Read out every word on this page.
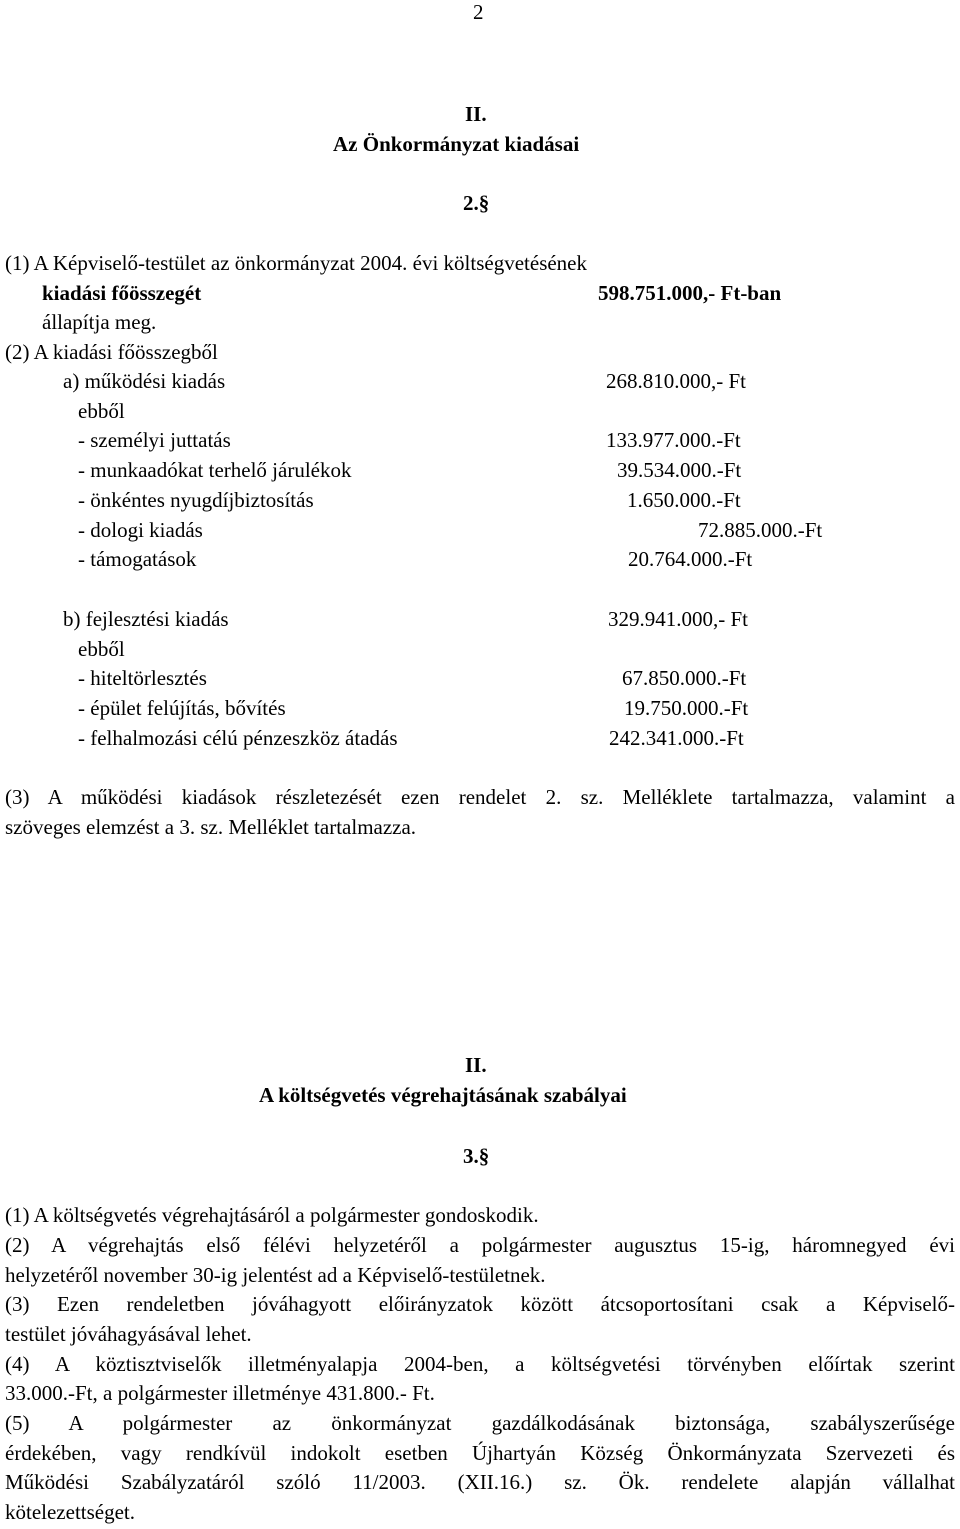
2
II.
Az Önkormányzat kiadásai
2.§
(1) A Képviselő-testület az önkormányzat 2004. évi költségvetésének
kiadási főösszegét	598.751.000,- Ft-ban
állapítja meg.
(2) A kiadási főösszegből
a) működési kiadás	268.810.000,- Ft
ebből
- személyi juttatás	133.977.000.-Ft
- munkaadókat terhelő járulékok	39.534.000.-Ft
- önkéntes nyugdíjbiztosítás	1.650.000.-Ft
- dologi kiadás	72.885.000.-Ft
- támogatások	20.764.000.-Ft
b) fejlesztési kiadás	329.941.000,- Ft
ebből
- hiteltörlesztés	67.850.000.-Ft
- épület felújítás, bővítés	19.750.000.-Ft
- felhalmozási célú pénzeszköz átadás	242.341.000.-Ft
(3) A működési kiadások részletezését ezen rendelet 2. sz. Melléklete tartalmazza, valamint a
szöveges elemzést a 3. sz. Melléklet tartalmazza.
II.
A költségvetés végrehajtásának szabályai
3.§
(1) A költségvetés végrehajtásáról a polgármester gondoskodik.
(2) A végrehajtás első félévi helyzetéről a polgármester augusztus 15-ig, háromnegyed évi
helyzetéről november 30-ig jelentést ad a Képviselő-testületnek.
(3) Ezen rendeletben jóváhagyott előirányzatok között átcsoportosítani csak a Képviselő-
testület jóváhagyásával lehet.
(4) A köztisztviselők illetményalapja 2004-ben, a költségvetési törvényben előírtak szerint
33.000.-Ft, a polgármester illetménye 431.800.- Ft.
(5) A polgármester az önkormányzat gazdálkodásának biztonsága, szabályszerűsége
érdekében, vagy rendkívül indokolt esetben Újhartyán Község Önkormányzata Szervezeti és
Működési Szabályzatáról szóló 11/2003. (XII.16.) sz. Ök. rendelete alapján vállalhat
kötelezettséget.
